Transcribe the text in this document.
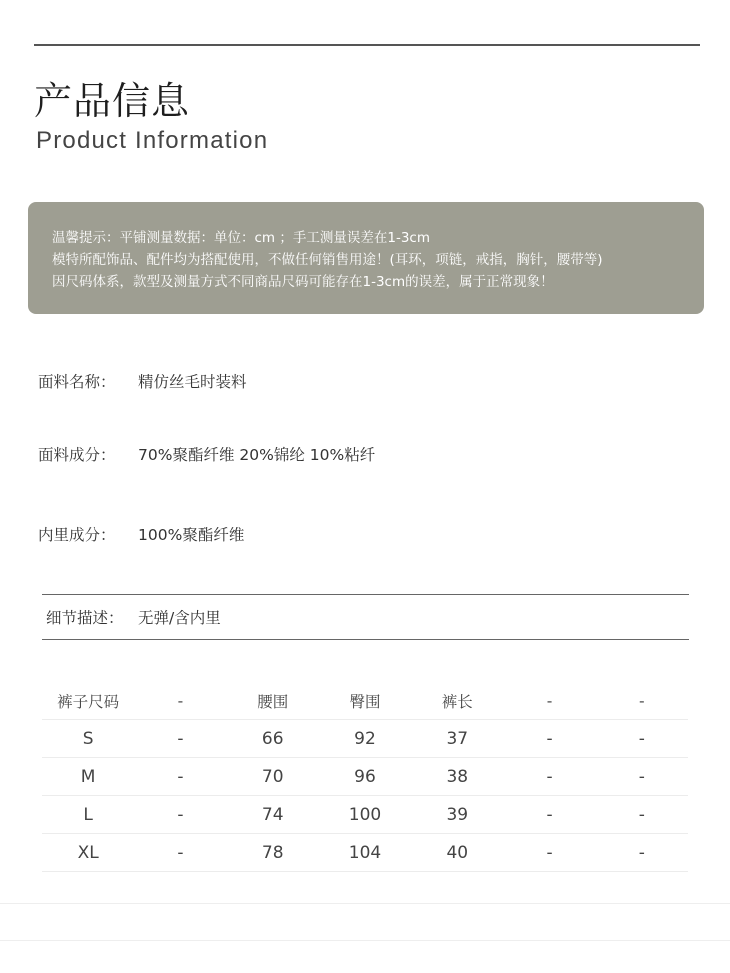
产品信息
Product Information
温馨提示：平铺测量数据：单位：cm ；手工测量误差在1-3cm
模特所配饰品、配件均为搭配使用，不做任何销售用途！(耳环，项链，戒指，胸针，腰带等)
因尺码体系，款型及测量方式不同商品尺码可能存在1-3cm的误差，属于正常现象！
面料名称： 精仿丝毛时装料
面料成分： 70%聚酯纤维 20%锦纶 10%粘纤
内里成分： 100%聚酯纤维
细节描述： 无弹/含内里
裤子尺码	-	腰围	臀围	裤长	-	-
S	-	66	92	37	-	-
M	-	70	96	38	-	-
L	-	74	100	39	-	-
XL	-	78	104	40	-	-
